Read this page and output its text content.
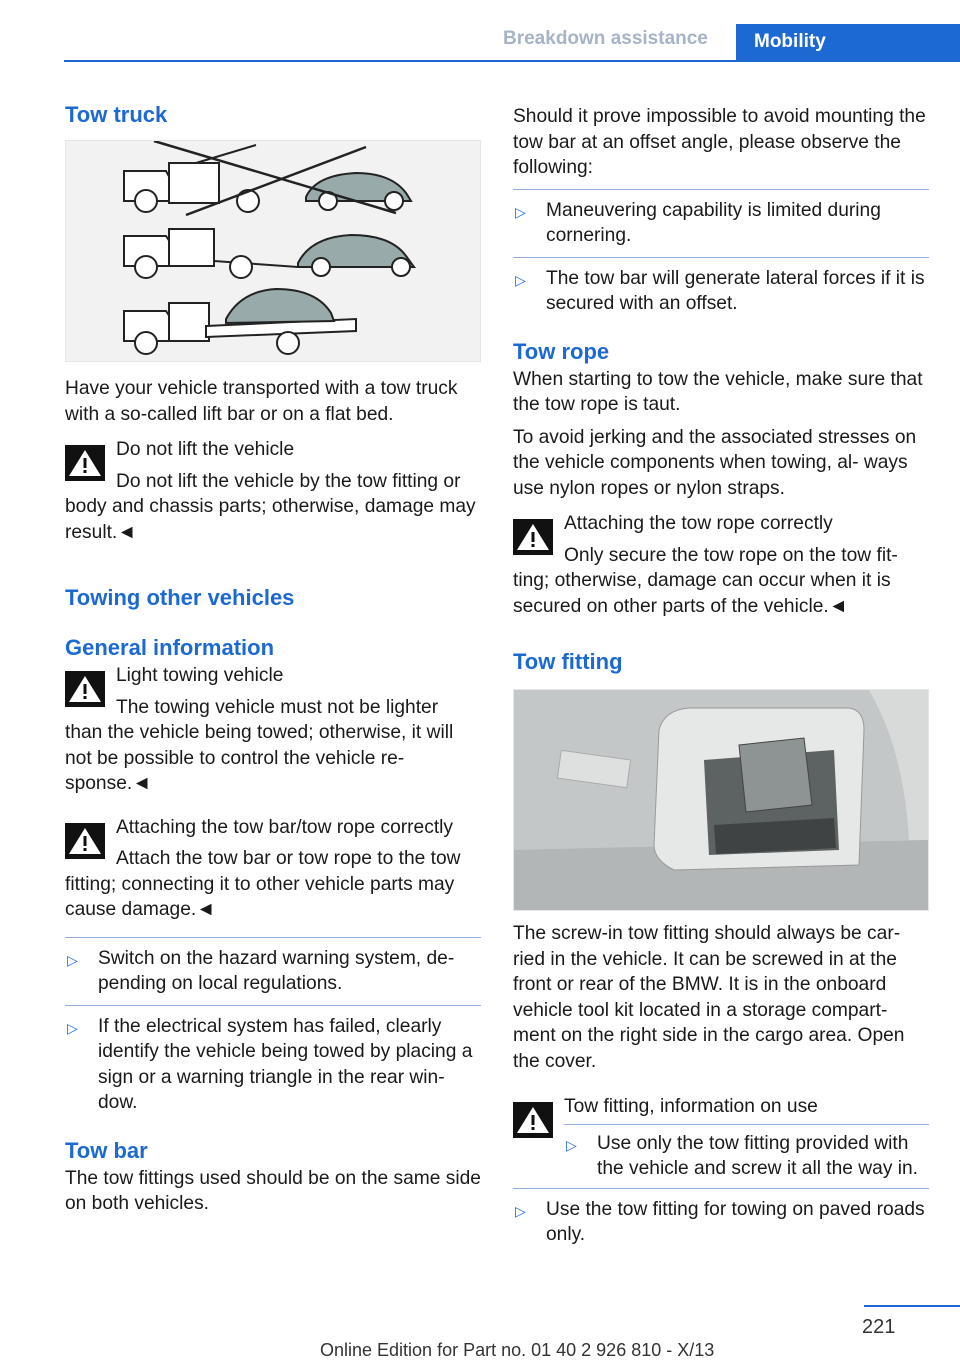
Breakdown assistance	Mobility
Tow truck

Have your vehicle transported with a tow truck with a so-called lift bar or on a flat bed.

Do not lift the vehicle
Do not lift the vehicle by the tow fitting or
body and chassis parts; otherwise, damage may result.◄
Towing other vehicles
General information
Light towing vehicle
The towing vehicle must not be lighter
than the vehicle being towed; otherwise, it will not be possible to control the vehicle re‐ sponse.◄
Attaching the tow bar/tow rope correctly
Attach the tow bar or tow rope to the tow
fitting; connecting it to other vehicle parts may cause damage.◄
▷ Switch on the hazard warning system, de‐ pending on local regulations.
▷ If the electrical system has failed, clearly identify the vehicle being towed by placing a sign or a warning triangle in the rear win‐ dow.
Tow bar

The tow fittings used should be on the same side on both vehicles.

Should it prove impossible to avoid mounting the tow bar at an offset angle, please observe the following:

▷ Maneuvering capability is limited during cornering.
▷ The tow bar will generate lateral forces if it is secured with an offset.
Tow rope

When starting to tow the vehicle, make sure that the tow rope is taut.

To avoid jerking and the associated stresses on the vehicle components when towing, al‐ ways use nylon ropes or nylon straps.

Attaching the tow rope correctly
Only secure the tow rope on the tow fit‐
ting; otherwise, damage can occur when it is secured on other parts of the vehicle.◄
Tow fitting

The screw-in tow fitting should always be car‐ ried in the vehicle. It can be screwed in at the front or rear of the BMW. It is in the onboard vehicle tool kit located in a storage compart‐ ment on the right side in the cargo area. Open the cover.

Tow fitting, information on use
▷ Use only the tow fitting provided with the vehicle and screw it all the way in.
▷ Use the tow fitting for towing on paved roads only.
221
Online Edition for Part no. 01 40 2 926 810 - X/13
